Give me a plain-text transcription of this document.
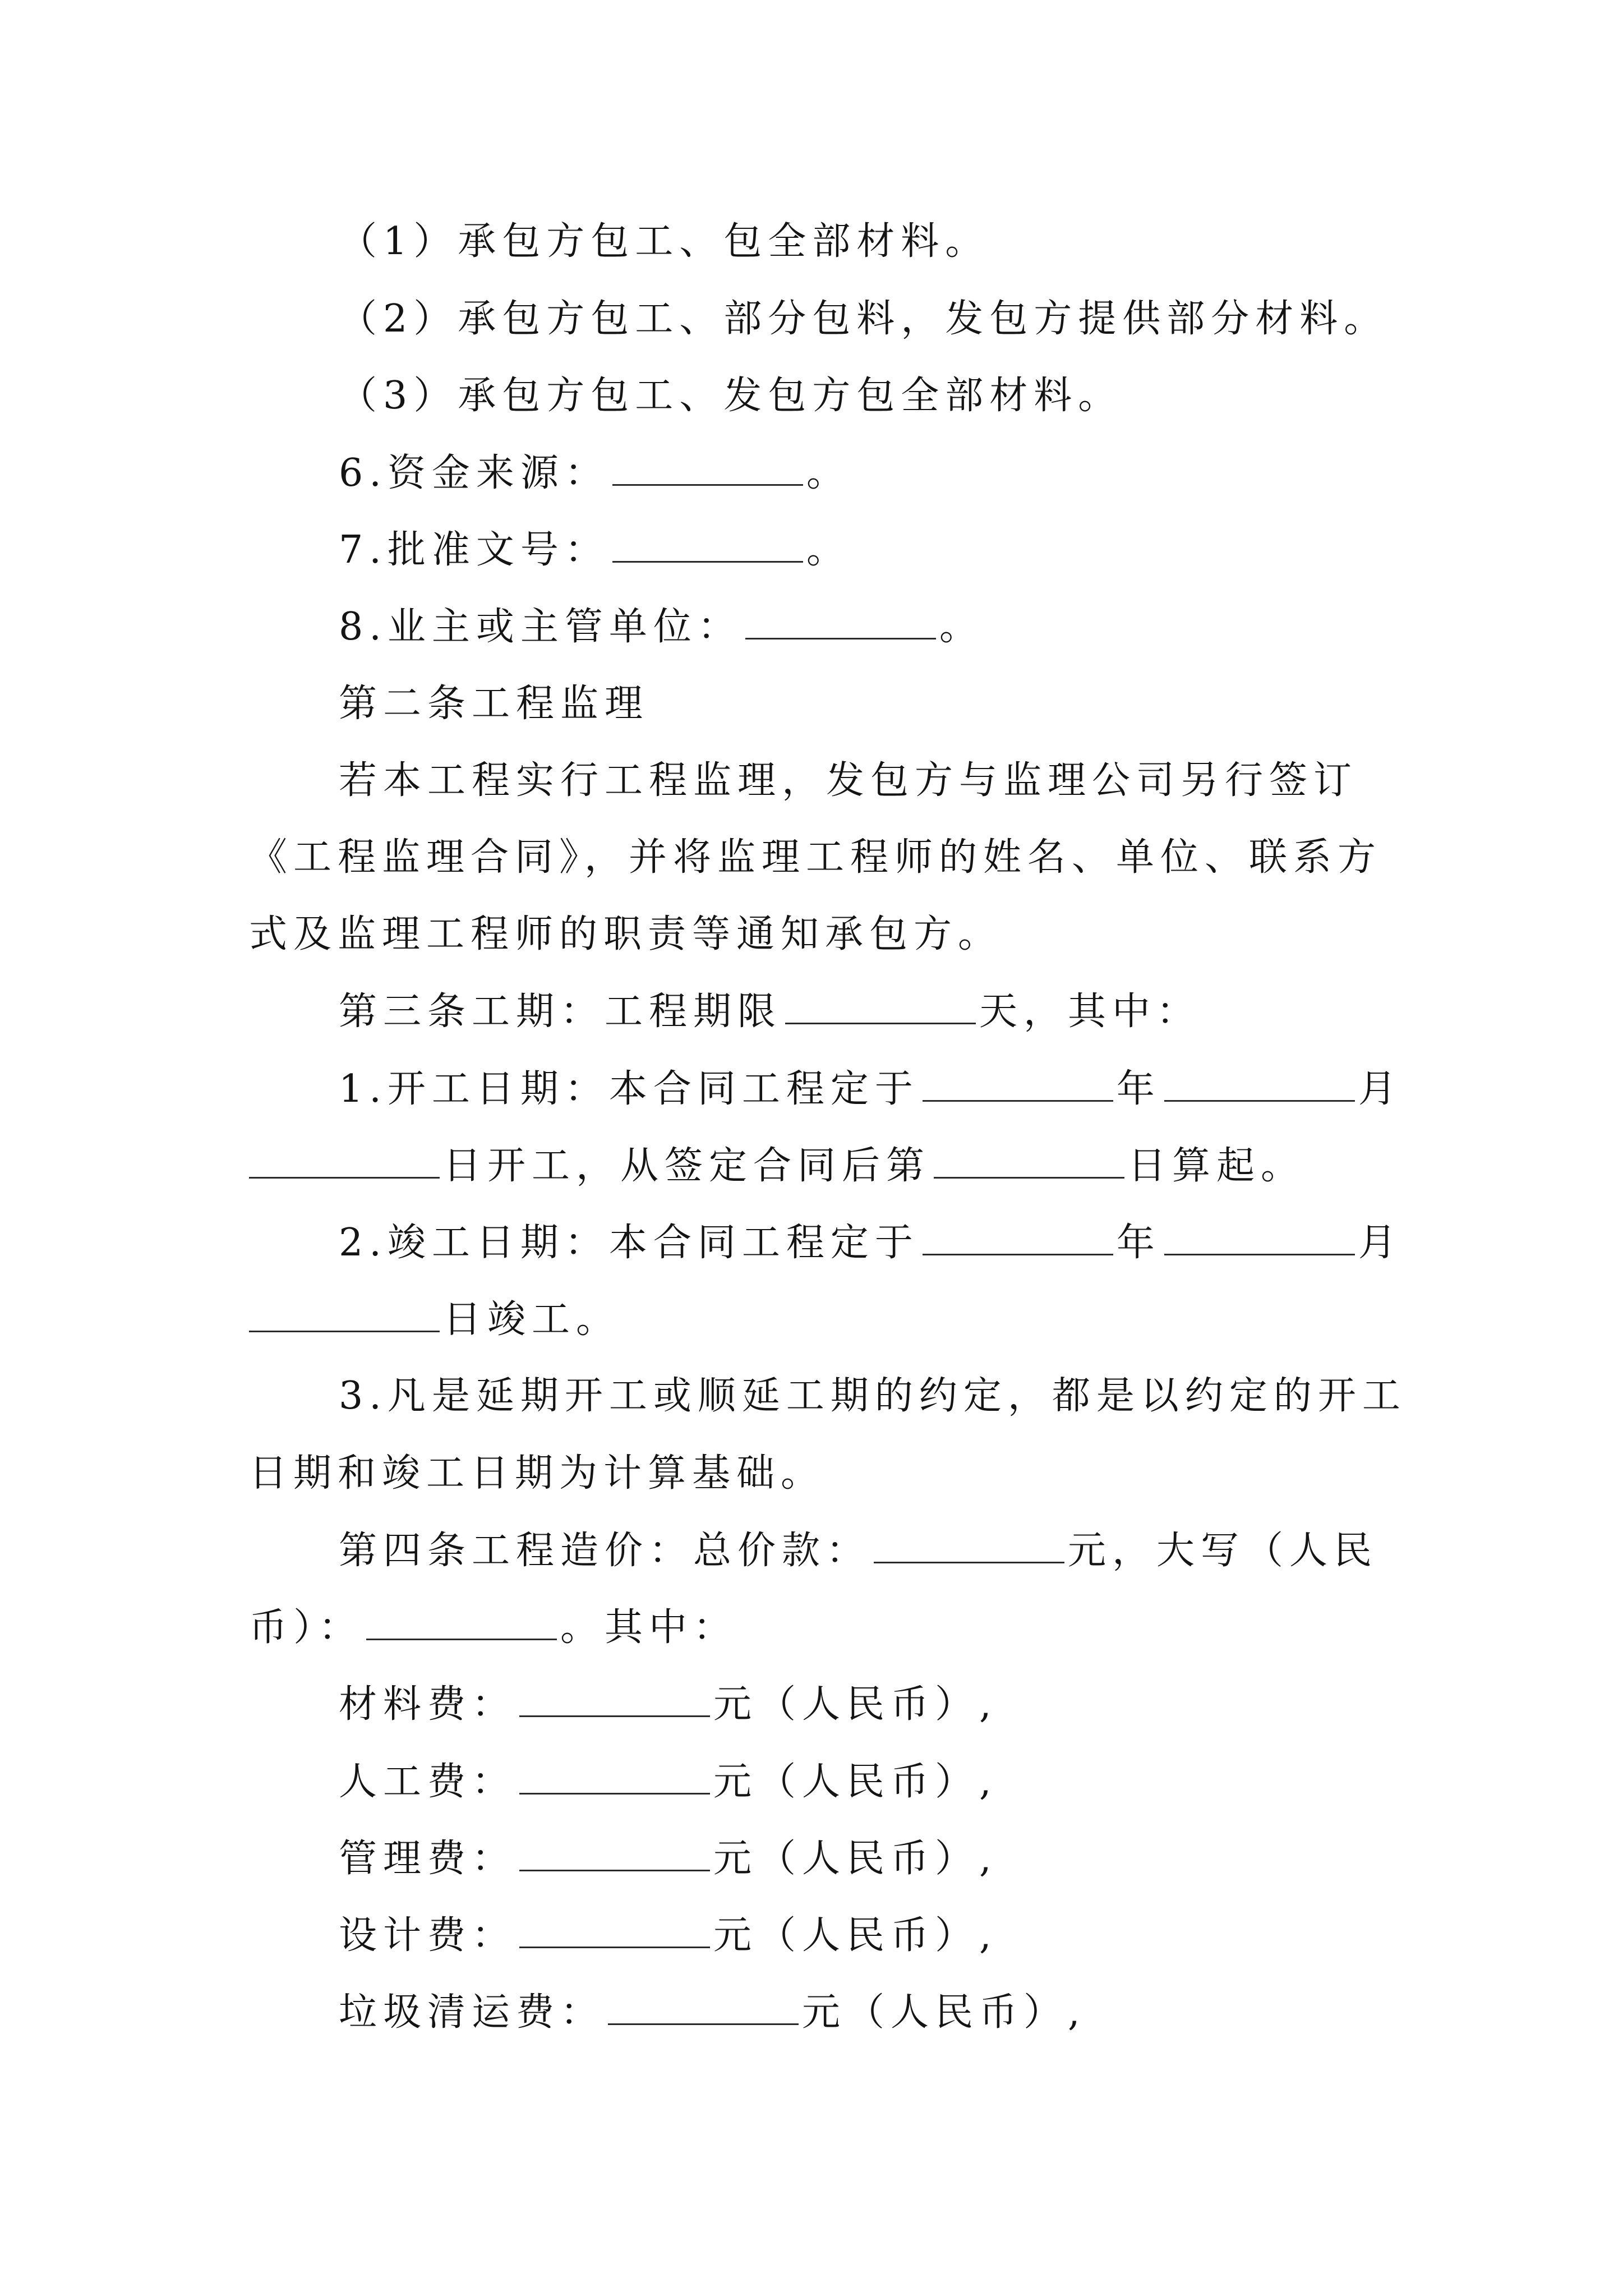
（1）承包方包工、包全部材料。

（2）承包方包工、部分包料，发包方提供部分材料。

（3）承包方包工、发包方包全部材料。

6.资金来源：	。

7.批准文号：	。

8.业主或主管单位：	。

第二条工程监理

若本工程实行工程监理，发包方与监理公司另行签订

《工程监理合同》，并将监理工程师的姓名、单位、联系方

式及监理工程师的职责等通知承包方。

第三条工期：工程期限	天，其中：

1.开工日期：本合同工程定于	年	月

日开工，从签定合同后第	日算起。

2.竣工日期：本合同工程定于	年	月

日竣工。

3.凡是延期开工或顺延工期的约定，都是以约定的开工

日期和竣工日期为计算基础。

第四条工程造价：总价款：	元，大写（人民

币）：	。其中：

材料费：	元（人民币）,

人工费：	元（人民币）,

管理费：	元（人民币）,

设计费：	元（人民币）,

垃圾清运费：	元（人民币）,
